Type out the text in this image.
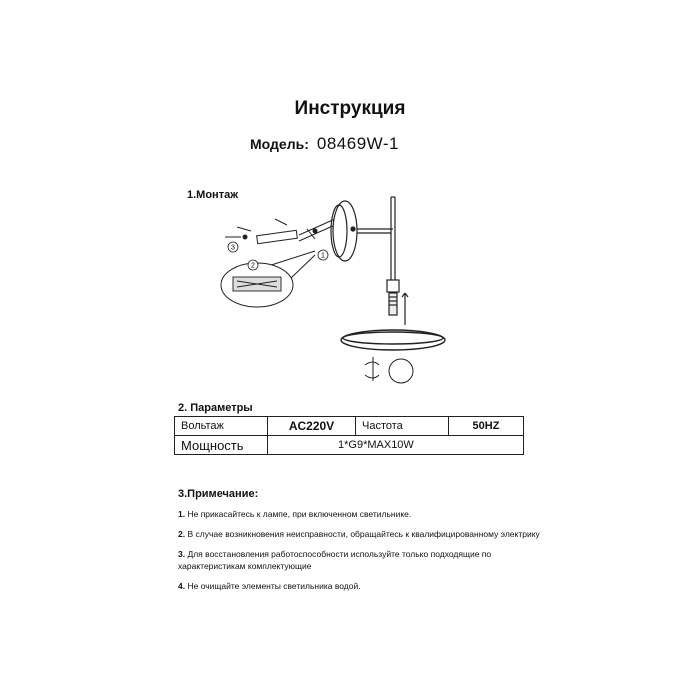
Инструкция
Модель: 08469W-1
1.Монтаж
1
2
3
2. Параметры
Вольтаж	AC220V	Частота	50HZ
Мощность	1*G9*MAX10W		
3.Примечание:
1. Не прикасайтесь к лампе, при включенном светильнике.
2. В случае возникновения неисправности, обращайтесь к квалифицированному электрику
3. Для восстановления работоспособности используйте только подходящие по характеристикам комплектующие
4. Не очищайте элементы светильника водой.
